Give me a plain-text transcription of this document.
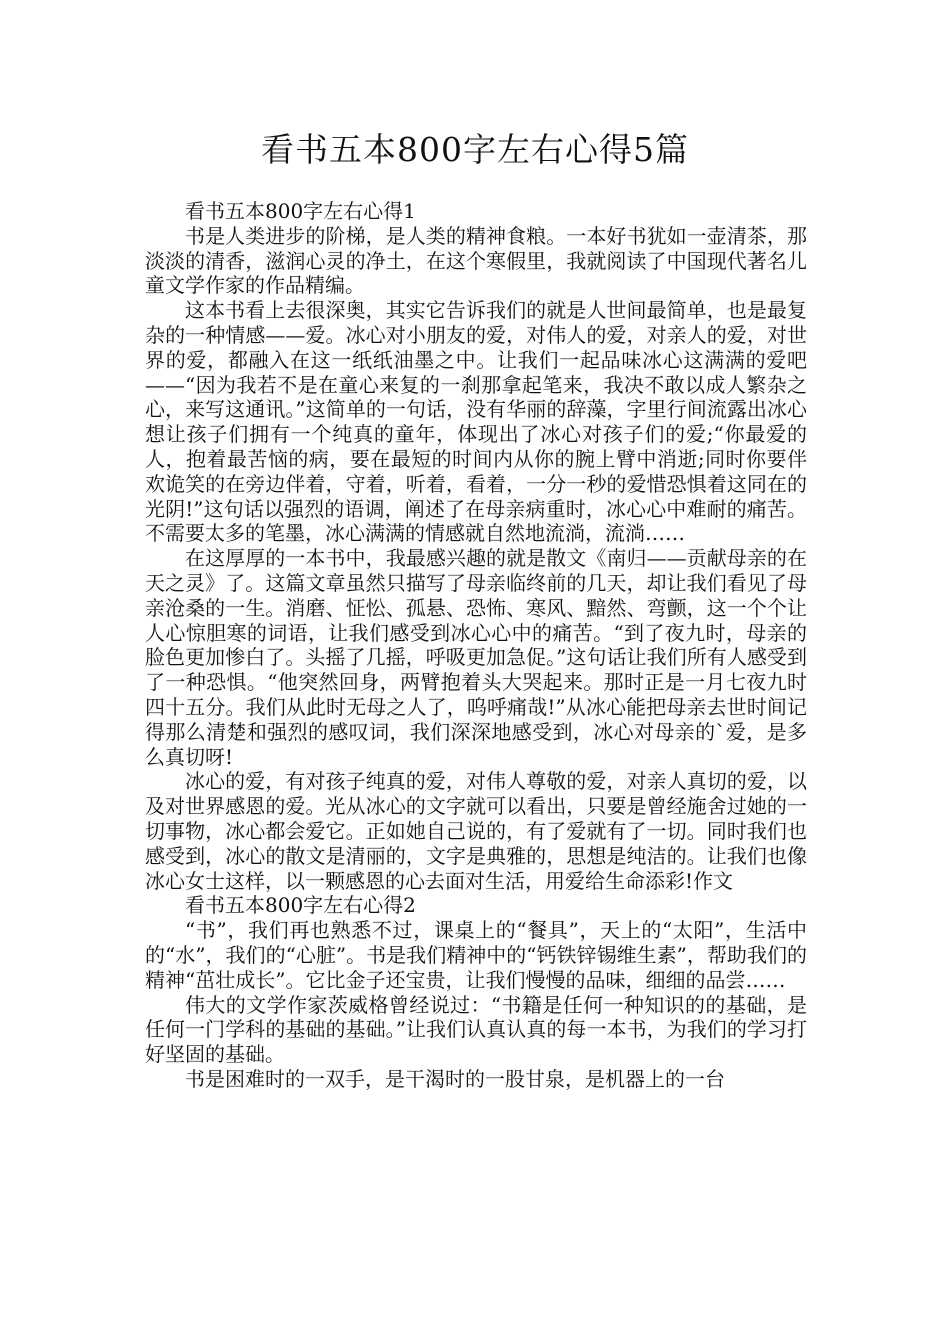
看书五本800字左右心得5篇

看书五本800字左右心得1

书是人类进步的阶梯，是人类的精神食粮。一本好书犹如一壶清茶，那淡淡的清香，滋润心灵的净土，在这个寒假里，我就阅读了中国现代著名儿童文学作家的作品精编。

这本书看上去很深奥，其实它告诉我们的就是人世间最简单，也是最复杂的一种情感——爱。冰心对小朋友的爱，对伟人的爱，对亲人的爱，对世界的爱，都融入在这一纸纸油墨之中。让我们一起品味冰心这满满的爱吧——“因为我若不是在童心来复的一刹那拿起笔来，我决不敢以成人繁杂之心，来写这通讯。”这简单的一句话，没有华丽的辞藻，字里行间流露出冰心想让孩子们拥有一个纯真的童年，体现出了冰心对孩子们的爱;“你最爱的人，抱着最苦恼的病，要在最短的时间内从你的腕上臂中消逝;同时你要伴欢诡笑的在旁边伴着，守着，听着，看着，一分一秒的爱惜恐惧着这同在的光阴!”这句话以强烈的语调，阐述了在母亲病重时，冰心心中难耐的痛苦。不需要太多的笔墨，冰心满满的情感就自然地流淌，流淌……

在这厚厚的一本书中，我最感兴趣的就是散文《南归——贡献母亲的在天之灵》了。这篇文章虽然只描写了母亲临终前的几天，却让我们看见了母亲沧桑的一生。消磨、怔忪、孤悬、恐怖、寒风、黯然、弯颤，这一个个让人心惊胆寒的词语，让我们感受到冰心心中的痛苦。“到了夜九时，母亲的脸色更加惨白了。头摇了几摇，呼吸更加急促。”这句话让我们所有人感受到了一种恐惧。“他突然回身，两臂抱着头大哭起来。那时正是一月七夜九时四十五分。我们从此时无母之人了，呜呼痛哉!”从冰心能把母亲去世时间记得那么清楚和强烈的感叹词，我们深深地感受到，冰心对母亲的`爱，是多么真切呀!

冰心的爱，有对孩子纯真的爱，对伟人尊敬的爱，对亲人真切的爱，以及对世界感恩的爱。光从冰心的文字就可以看出，只要是曾经施舍过她的一切事物，冰心都会爱它。正如她自己说的，有了爱就有了一切。同时我们也感受到，冰心的散文是清丽的，文字是典雅的，思想是纯洁的。让我们也像冰心女士这样，以一颗感恩的心去面对生活，用爱给生命添彩!作文

看书五本800字左右心得2

“书”，我们再也熟悉不过，课桌上的“餐具”，天上的“太阳”，生活中的“水”，我们的“心脏”。书是我们精神中的“钙铁锌锡维生素”，帮助我们的精神“茁壮成长”。它比金子还宝贵，让我们慢慢的品味，细细的品尝……

伟大的文学作家茨威格曾经说过：“书籍是任何一种知识的的基础，是任何一门学科的基础的基础。”让我们认真认真的每一本书，为我们的学习打好坚固的基础。

书是困难时的一双手，是干渴时的一股甘泉，是机器上的一台
